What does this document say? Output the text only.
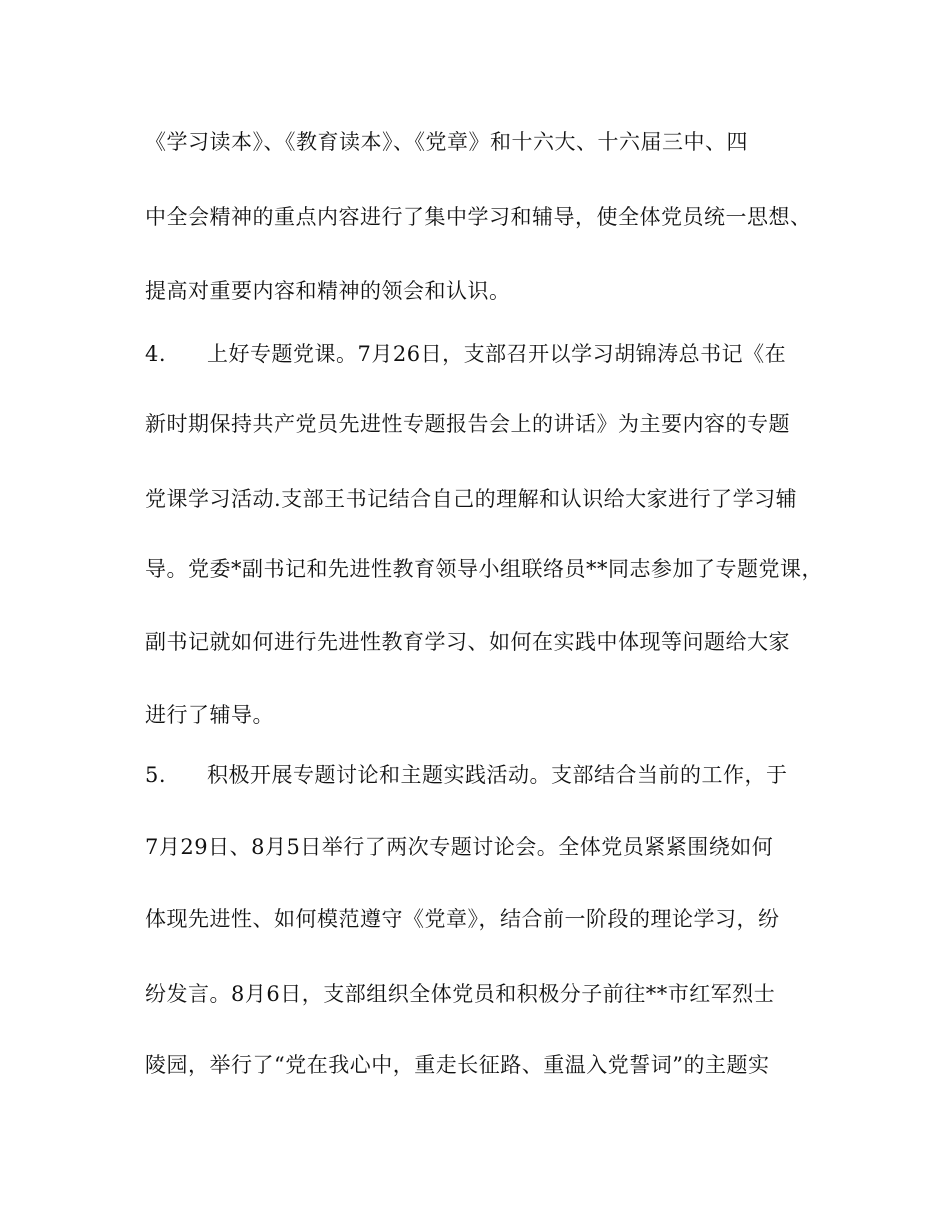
《学习读本》、《教育读本》、《党章》和十六大、十六届三中、四
中全会精神的重点内容进行了集中学习和辅导，使全体党员统一思想、
提高对重要内容和精神的领会和认识。
4. 上好专题党课。7月26日，支部召开以学习胡锦涛总书记《在
新时期保持共产党员先进性专题报告会上的讲话》为主要内容的专题
党课学习活动.支部王书记结合自己的理解和认识给大家进行了学习辅
导。党委*副书记和先进性教育领导小组联络员**同志参加了专题党课，
副书记就如何进行先进性教育学习、如何在实践中体现等问题给大家
进行了辅导。
5. 积极开展专题讨论和主题实践活动。支部结合当前的工作，于
7月29日、8月5日举行了两次专题讨论会。全体党员紧紧围绕如何
体现先进性、如何模范遵守《党章》，结合前一阶段的理论学习，纷
纷发言。8月6日，支部组织全体党员和积极分子前往**市红军烈士
陵园，举行了“党在我心中，重走长征路、重温入党誓词”的主题实
